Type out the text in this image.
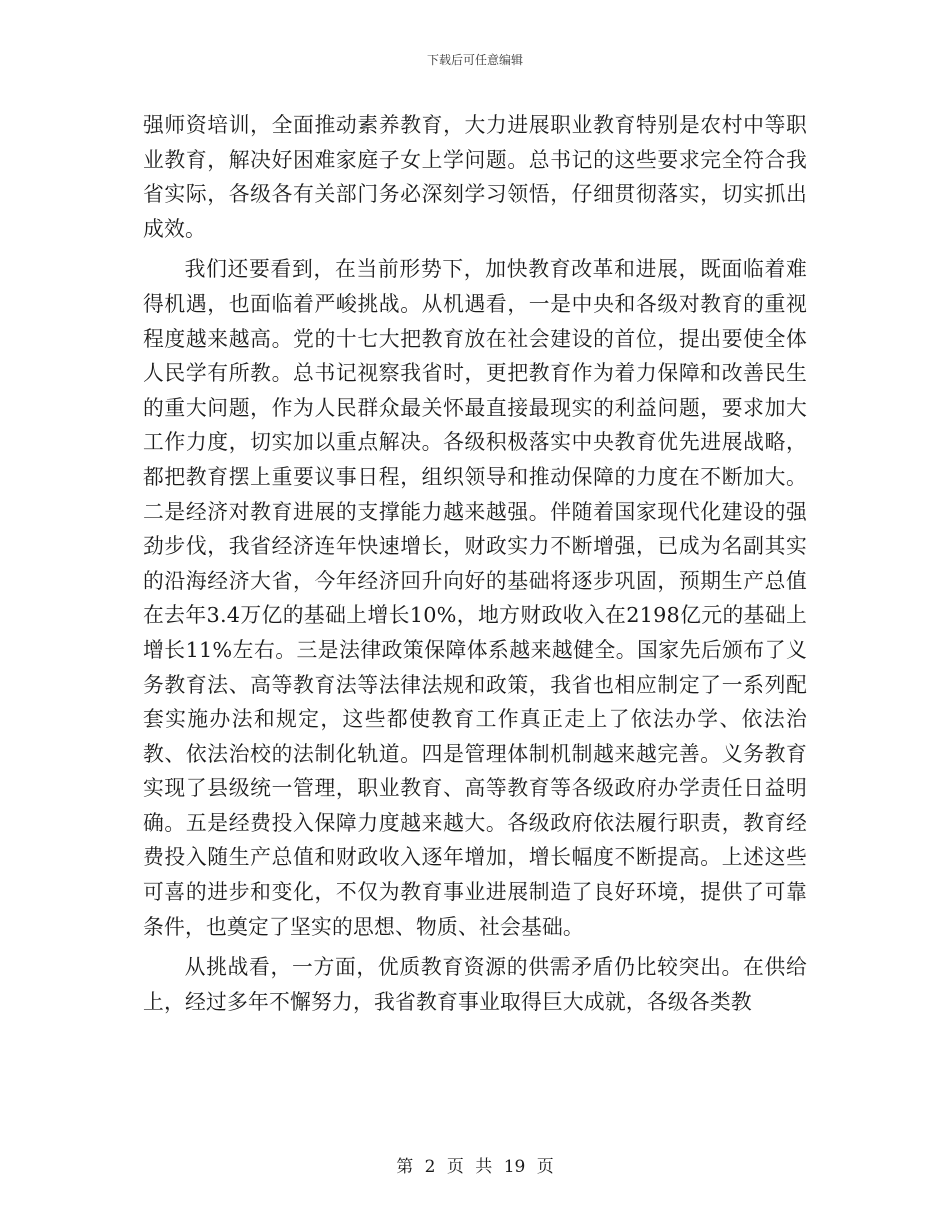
下载后可任意编辑

强师资培训，全面推动素养教育，大力进展职业教育特别是农村中等职业教育，解决好困难家庭子女上学问题。总书记的这些要求完全符合我省实际，各级各有关部门务必深刻学习领悟，仔细贯彻落实，切实抓出成效。

我们还要看到，在当前形势下，加快教育改革和进展，既面临着难得机遇，也面临着严峻挑战。从机遇看，一是中央和各级对教育的重视程度越来越高。党的十七大把教育放在社会建设的首位，提出要使全体人民学有所教。总书记视察我省时，更把教育作为着力保障和改善民生的重大问题，作为人民群众最关怀最直接最现实的利益问题，要求加大工作力度，切实加以重点解决。各级积极落实中央教育优先进展战略，都把教育摆上重要议事日程，组织领导和推动保障的力度在不断加大。二是经济对教育进展的支撑能力越来越强。伴随着国家现代化建设的强劲步伐，我省经济连年快速增长，财政实力不断增强，已成为名副其实的沿海经济大省，今年经济回升向好的基础将逐步巩固，预期生产总值在去年3.4万亿的基础上增长10%，地方财政收入在2198亿元的基础上增长11%左右。三是法律政策保障体系越来越健全。国家先后颁布了义务教育法、高等教育法等法律法规和政策，我省也相应制定了一系列配套实施办法和规定，这些都使教育工作真正走上了依法办学、依法治教、依法治校的法制化轨道。四是管理体制机制越来越完善。义务教育实现了县级统一管理，职业教育、高等教育等各级政府办学责任日益明确。五是经费投入保障力度越来越大。各级政府依法履行职责，教育经费投入随生产总值和财政收入逐年增加，增长幅度不断提高。上述这些可喜的进步和变化，不仅为教育事业进展制造了良好环境，提供了可靠条件，也奠定了坚实的思想、物质、社会基础。

从挑战看，一方面，优质教育资源的供需矛盾仍比较突出。在供给上，经过多年不懈努力，我省教育事业取得巨大成就，各级各类教

第 2 页 共 19 页
